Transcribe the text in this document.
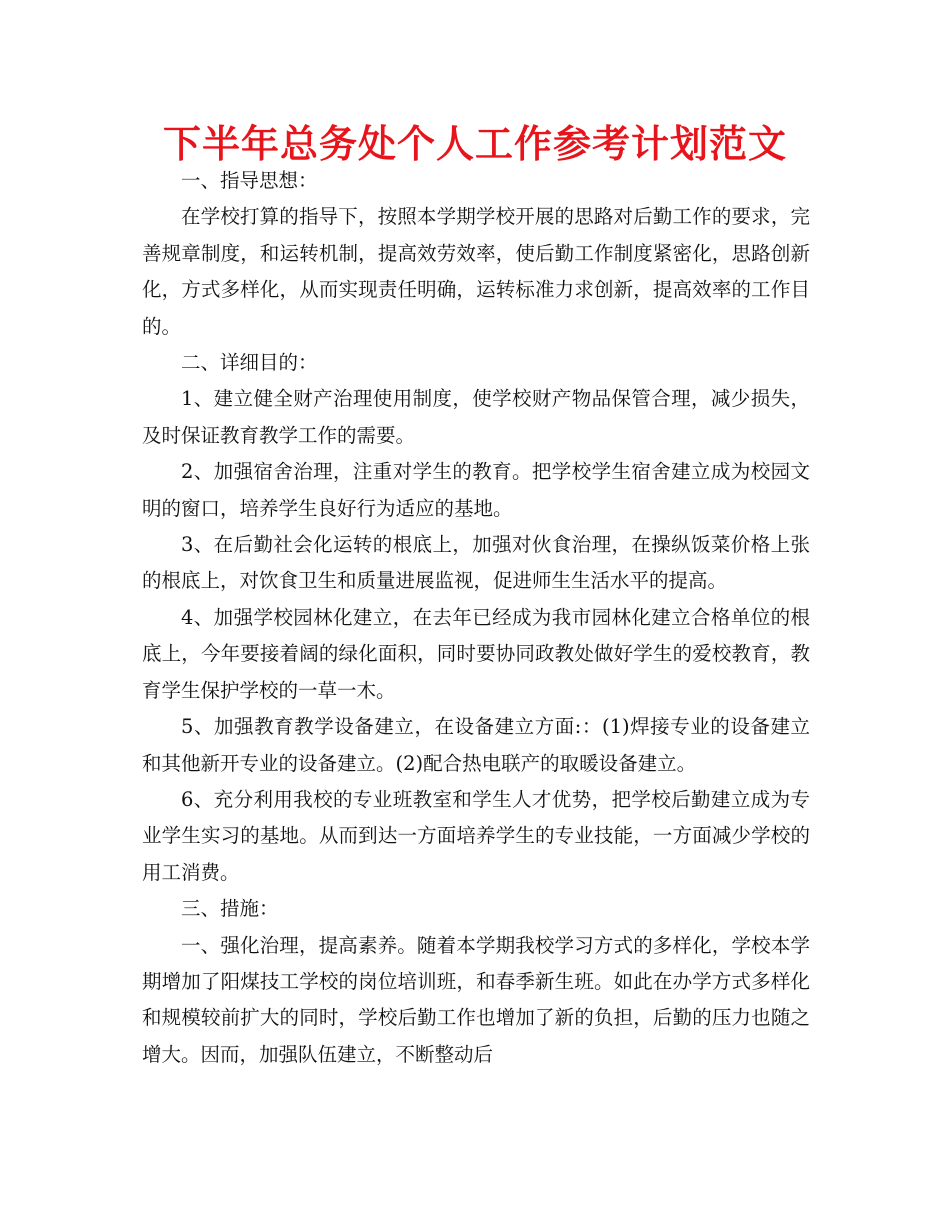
下半年总务处个人工作参考计划范文

一、指导思想：

在学校打算的指导下，按照本学期学校开展的思路对后勤工作的要求，完善规章制度，和运转机制，提高效劳效率，使后勤工作制度紧密化，思路创新化，方式多样化，从而实现责任明确，运转标准力求创新，提高效率的工作目的。

二、详细目的：

1、建立健全财产治理使用制度，使学校财产物品保管合理，减少损失，及时保证教育教学工作的需要。

2、加强宿舍治理，注重对学生的教育。把学校学生宿舍建立成为校园文明的窗口，培养学生良好行为适应的基地。

3、在后勤社会化运转的根底上，加强对伙食治理，在操纵饭菜价格上张的根底上，对饮食卫生和质量进展监视，促进师生生活水平的提高。

4、加强学校园林化建立，在去年已经成为我市园林化建立合格单位的根底上，今年要接着阔的绿化面积，同时要协同政教处做好学生的爱校教育，教育学生保护学校的一草一木。

5、加强教育教学设备建立，在设备建立方面:：(1)焊接专业的设备建立和其他新开专业的设备建立。(2)配合热电联产的取暖设备建立。

6、充分利用我校的专业班教室和学生人才优势，把学校后勤建立成为专业学生实习的基地。从而到达一方面培养学生的专业技能，一方面减少学校的用工消费。

三、措施：

一、强化治理，提高素养。随着本学期我校学习方式的多样化，学校本学期增加了阳煤技工学校的岗位培训班，和春季新生班。如此在办学方式多样化和规模较前扩大的同时，学校后勤工作也增加了新的负担，后勤的压力也随之增大。因而，加强队伍建立，不断整动后
